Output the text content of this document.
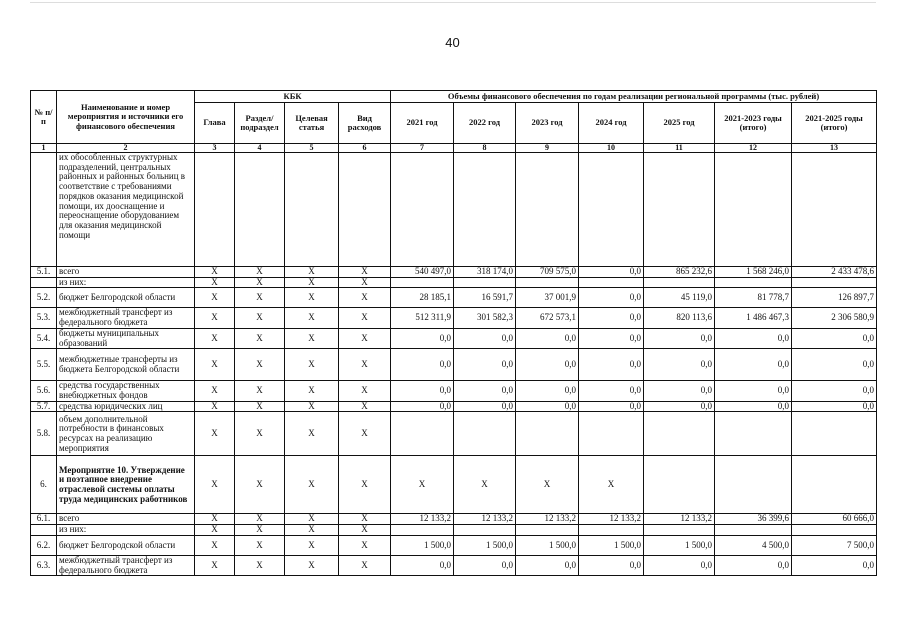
40
№ п/п	Наименование и номер мероприятия и источники его финансового обеспечения	КБК				Объемы финансового обеспечения по годам реализации региональной программы (тыс. рублей)						
		Глава	Раздел/ подраздел	Целевая статья	Вид расходов	2021 год	2022 год	2023 год	2024 год	2025 год	2021-2023 годы (итого)	2021-2025 годы (итого)
1	2	3	4	5	6	7	8	9	10	11	12	13
	их обособленных структурных подразделений, центральных районных и районных больниц в соответствие с требованиями порядков оказания медицинской помощи, их дооснащение и переоснащение оборудованием для оказания медицинской помощи											
5.1.	всего	X	X	X	X	540 497,0	318 174,0	709 575,0	0,0	865 232,6	1 568 246,0	2 433 478,6
	из них:	X	X	X	X							
5.2.	бюджет Белгородской области	X	X	X	X	28 185,1	16 591,7	37 001,9	0,0	45 119,0	81 778,7	126 897,7
5.3.	межбюджетный трансферт из федерального бюджета	X	X	X	X	512 311,9	301 582,3	672 573,1	0,0	820 113,6	1 486 467,3	2 306 580,9
5.4.	бюджеты муниципальных образований	X	X	X	X	0,0	0,0	0,0	0,0	0,0	0,0	0,0
5.5.	межбюджетные трансферты из бюджета Белгородской области	X	X	X	X	0,0	0,0	0,0	0,0	0,0	0,0	0,0
5.6.	средства государственных внебюджетных фондов	X	X	X	X	0,0	0,0	0,0	0,0	0,0	0,0	0,0
5.7.	средства юридических лиц	X	X	X	X	0,0	0,0	0,0	0,0	0,0	0,0	0,0
5.8.	объем дополнительной потребности в финансовых ресурсах на реализацию мероприятия	X	X	X	X							
6.	Мероприятие 10. Утверждение и поэтапное внедрение отраслевой системы оплаты труда медицинских работников	X	X	X	X	X	X	X	X			
6.1.	всего	X	X	X	X	12 133,2	12 133,2	12 133,2	12 133,2	12 133,2	36 399,6	60 666,0
	из них:	X	X	X	X							
6.2.	бюджет Белгородской области	X	X	X	X	1 500,0	1 500,0	1 500,0	1 500,0	1 500,0	4 500,0	7 500,0
6.3.	межбюджетный трансферт из федерального бюджета	X	X	X	X	0,0	0,0	0,0	0,0	0,0	0,0	0,0
